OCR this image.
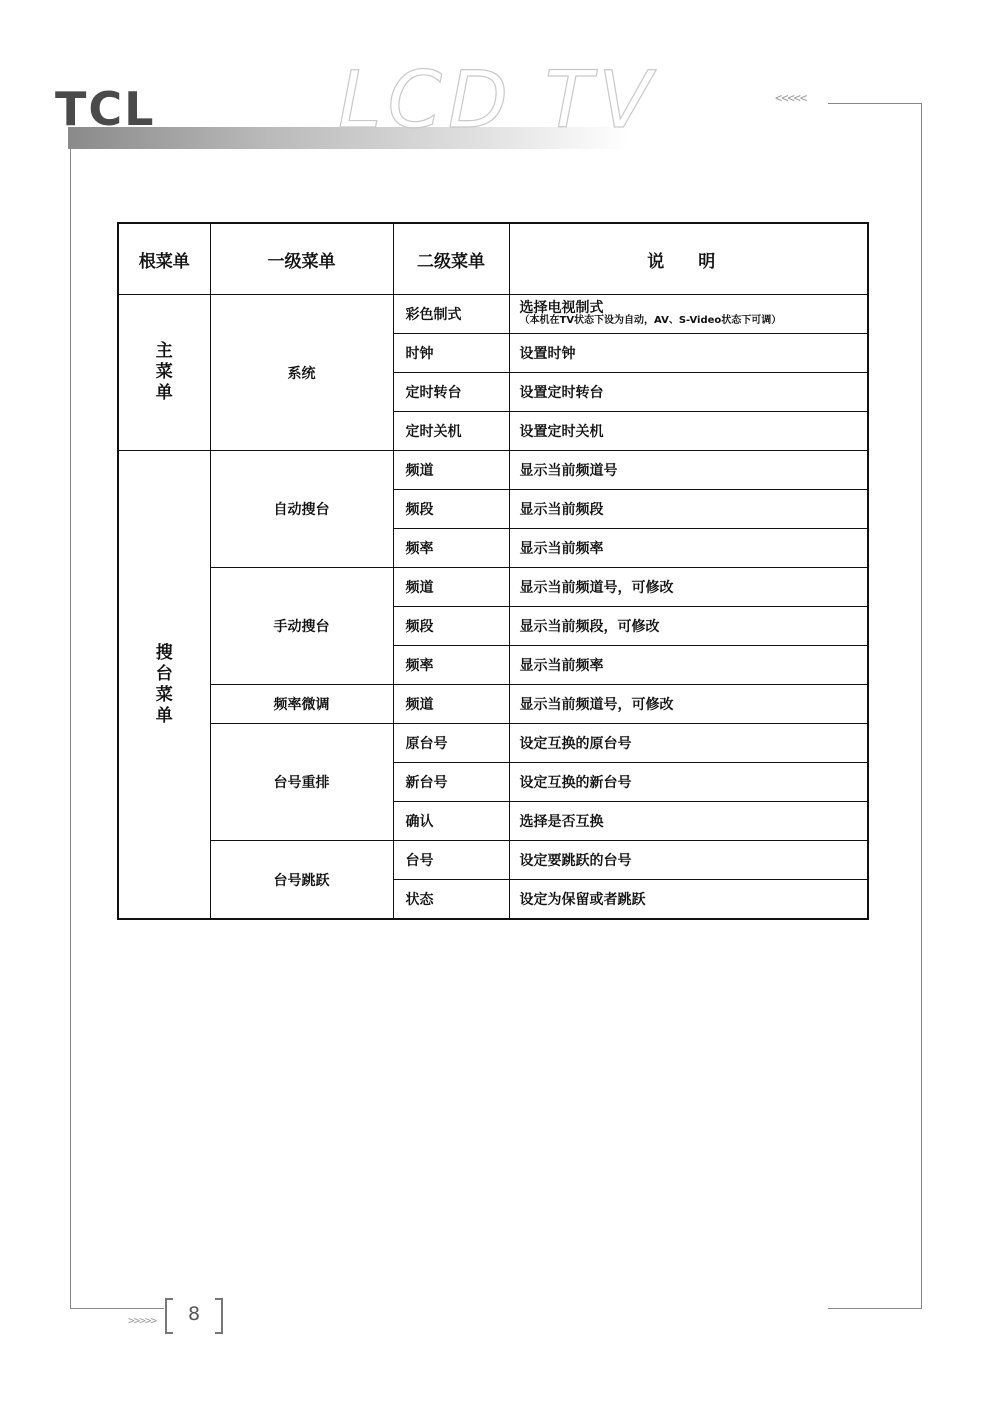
TCL LCD TV	<<<<<
根菜单	一级菜单	二级菜单	说 明
主菜单	系统	彩色制式	选择电视制式
（本机在TV状态下设为自动，AV、S-Video状态下可调）

		时钟	设置时钟
		定时转台	设置定时转台
		定时关机	设置定时关机
搜台菜单	自动搜台	频道	显示当前频道号
		频段	显示当前频段
		频率	显示当前频率
	手动搜台	频道	显示当前频道号，可修改
		频段	显示当前频段，可修改
		频率	显示当前频率
	频率微调	频道	显示当前频道号，可修改
	台号重排	原台号	设定互换的原台号
		新台号	设定互换的新台号
		确认	选择是否互换
	台号跳跃	台号	设定要跳跃的台号
		状态	设定为保留或者跳跃
>>>>>	8
